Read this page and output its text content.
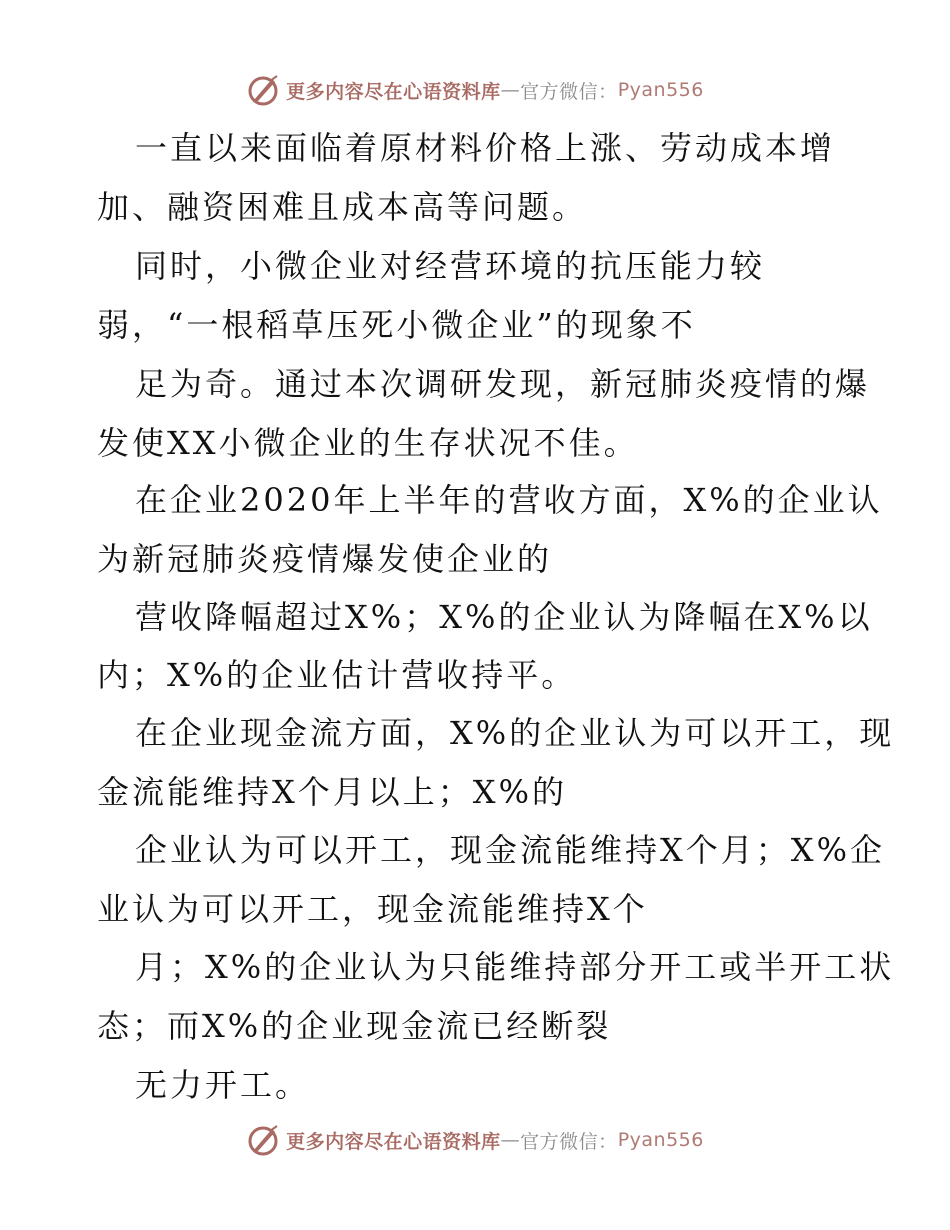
更多内容尽在心语资料库 — 官方微信： Pyan556
一直以来面临着原材料价格上涨、劳动成本增
加、融资困难且成本高等问题。
同时，小微企业对经营环境的抗压能力较
弱，“一根稻草压死小微企业”的现象不
足为奇。通过本次调研发现，新冠肺炎疫情的爆
发使XX小微企业的生存状况不佳。
在企业2020年上半年的营收方面，X%的企业认
为新冠肺炎疫情爆发使企业的
营收降幅超过X%；X%的企业认为降幅在X%以
内；X%的企业估计营收持平。
在企业现金流方面，X%的企业认为可以开工，现
金流能维持X个月以上；X%的
企业认为可以开工，现金流能维持X个月；X%企
业认为可以开工，现金流能维持X个
月；X%的企业认为只能维持部分开工或半开工状
态；而X%的企业现金流已经断裂
无力开工。
更多内容尽在心语资料库 — 官方微信： Pyan556
